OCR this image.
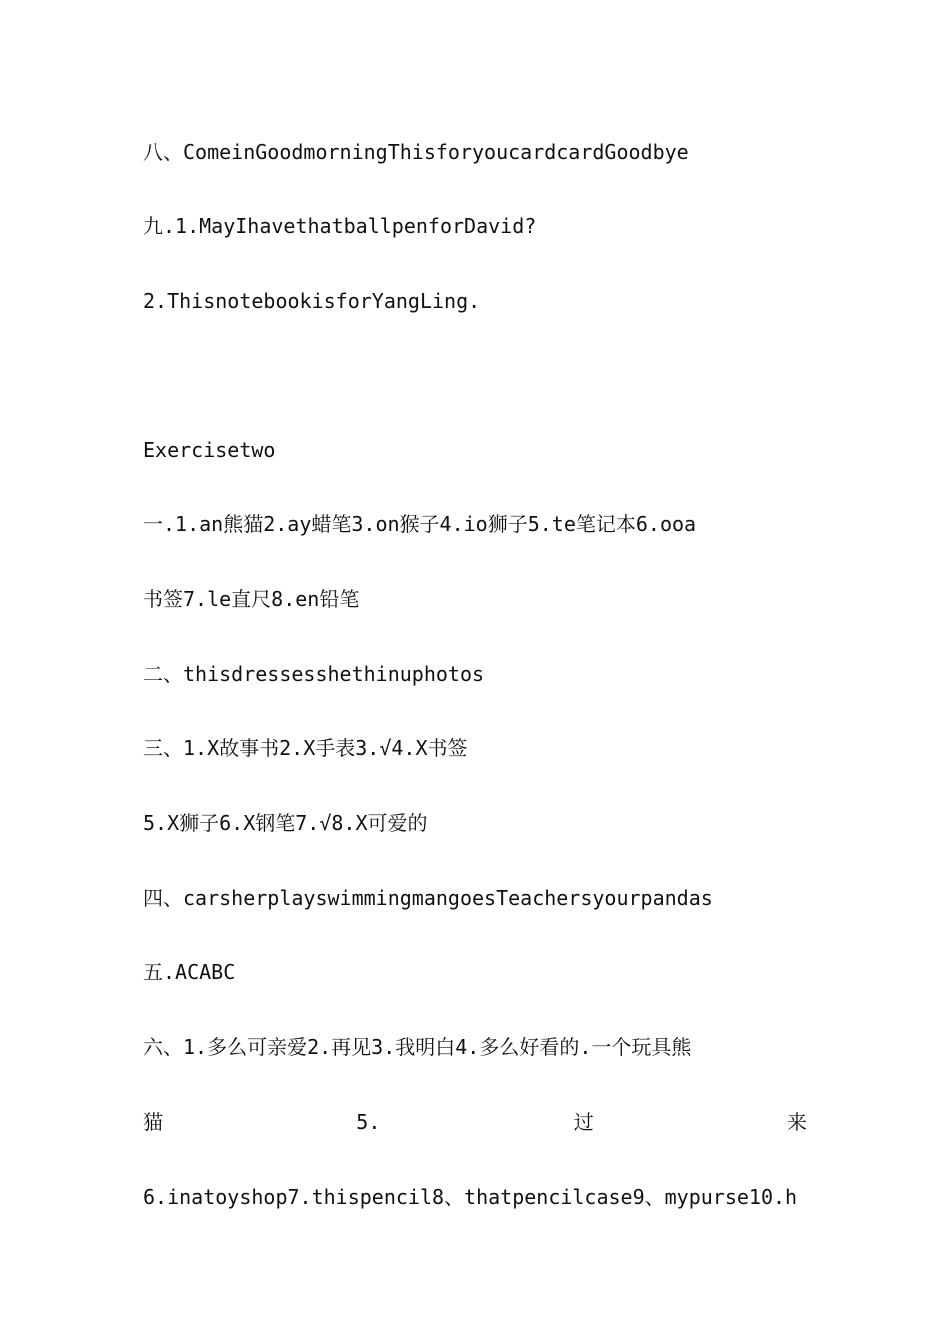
八、ComeinGoodmorningThisforyoucardcardGoodbye
九.1.MayIhavethatballpenforDavid?
2.ThisnotebookisforYangLing.
Exercisetwo
一.1.an熊猫2.ay蜡笔3.on猴子4.io狮子5.te笔记本6.ooa
书签7.le直尺8.en铅笔
二、thisdressesshethinuphotos
三、1.X故事书2.X手表3.√4.X书签
5.X狮子6.X钢笔7.√8.X可爱的
四、carsherplayswimmingmangoesTeachersyourpandas
五.ACABC
六、1.多么可亲爱2.再见3.我明白4.多么好看的.一个玩具熊
猫	5.	过	来
6.inatoyshop7.thispencil8、thatpencilcase9、mypurse10.h
